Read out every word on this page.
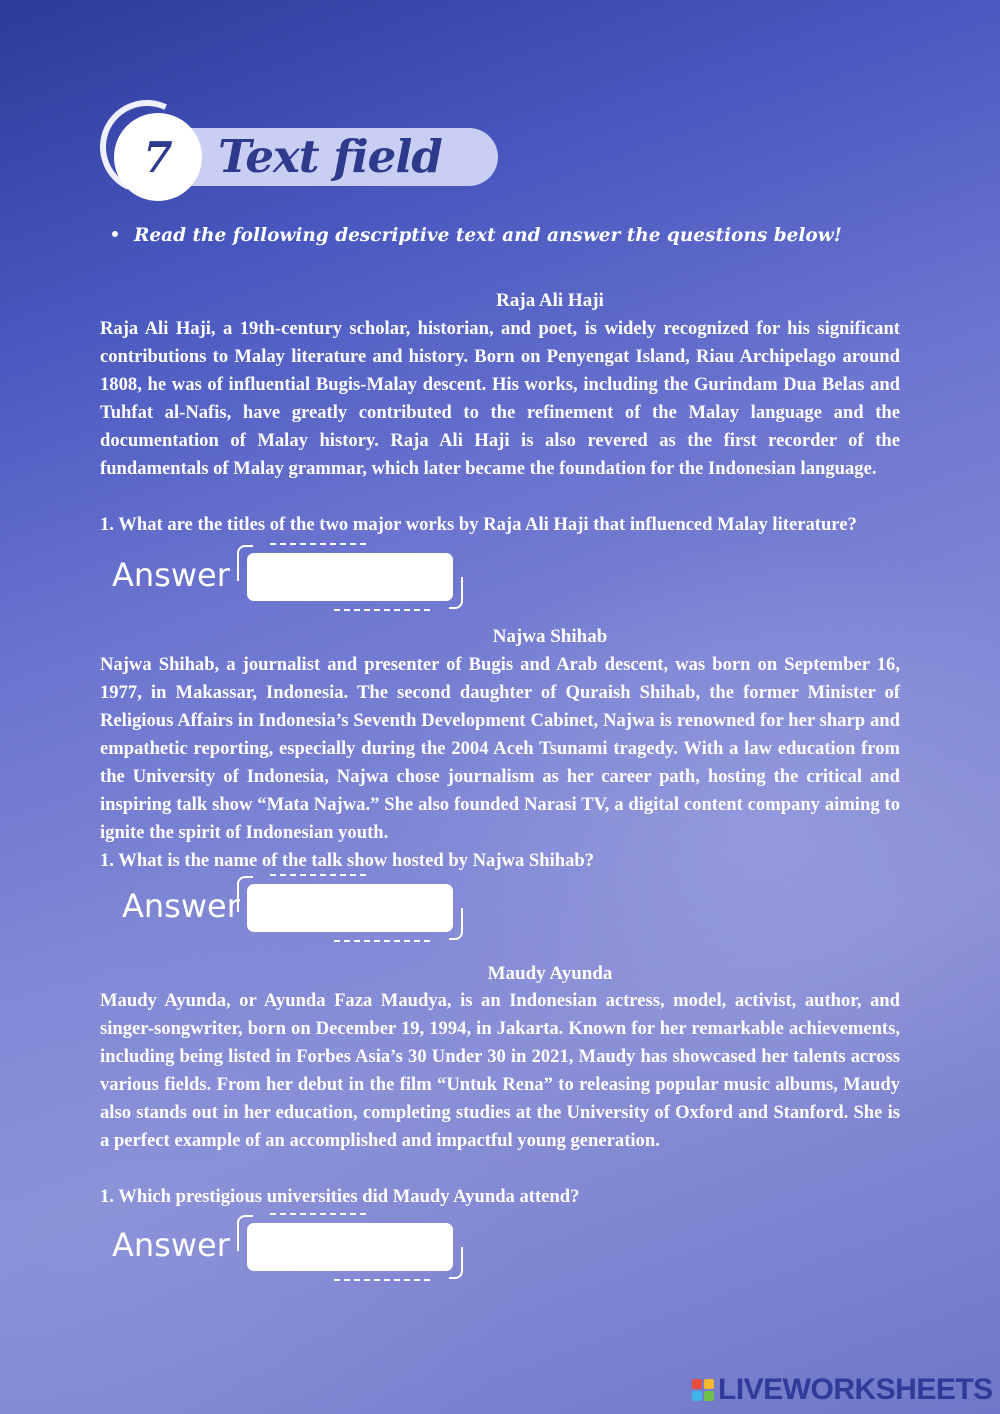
7	Text field
Read the following descriptive text and answer the questions below!
Raja Ali Haji
Raja Ali Haji, a 19th-century scholar, historian, and poet, is widely recognized for his significant contributions to Malay literature and history. Born on Penyengat Island, Riau Archipelago around 1808, he was of influential Bugis-Malay descent. His works, including the Gurindam Dua Belas and Tuhfat al-Nafis, have greatly contributed to the refinement of the Malay language and the documentation of Malay history. Raja Ali Haji is also revered as the first recorder of the fundamentals of Malay grammar, which later became the foundation for the Indonesian language.
1. What are the titles of the two major works by Raja Ali Haji that influenced Malay literature?
Answer
Najwa Shihab
Najwa Shihab, a journalist and presenter of Bugis and Arab descent, was born on September 16, 1977, in Makassar, Indonesia. The second daughter of Quraish Shihab, the former Minister of Religious Affairs in Indonesia’s Seventh Development Cabinet, Najwa is renowned for her sharp and empathetic reporting, especially during the 2004 Aceh Tsunami tragedy. With a law education from the University of Indonesia, Najwa chose journalism as her career path, hosting the critical and inspiring talk show “Mata Najwa.” She also founded Narasi TV, a digital content company aiming to ignite the spirit of Indonesian youth.
1. What is the name of the talk show hosted by Najwa Shihab?
Answer
Maudy Ayunda
Maudy Ayunda, or Ayunda Faza Maudya, is an Indonesian actress, model, activist, author, and singer-songwriter, born on December 19, 1994, in Jakarta. Known for her remarkable achievements, including being listed in Forbes Asia’s 30 Under 30 in 2021, Maudy has showcased her talents across various fields. From her debut in the film “Untuk Rena” to releasing popular music albums, Maudy also stands out in her education, completing studies at the University of Oxford and Stanford. She is a perfect example of an accomplished and impactful young generation.
1. Which prestigious universities did Maudy Ayunda attend?
Answer
LIVEWORKSHEETS
